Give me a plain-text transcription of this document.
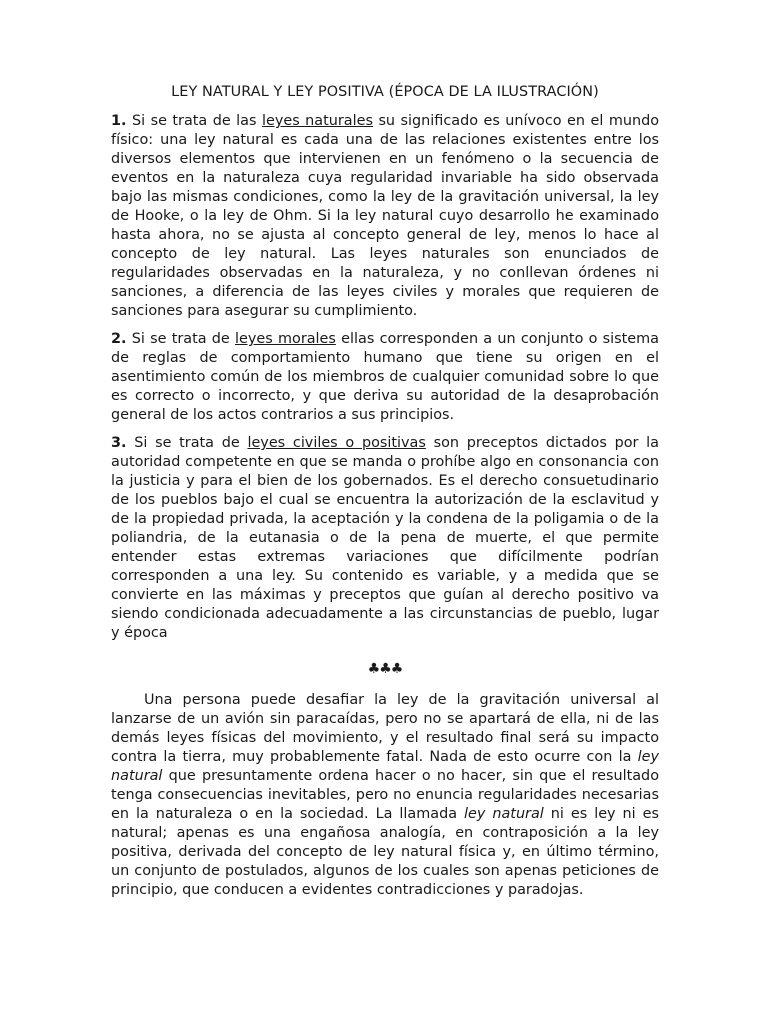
LEY NATURAL Y LEY POSITIVA (ÉPOCA DE LA ILUSTRACIÓN)

1. Si se trata de las leyes naturales su significado es unívoco en el mundo físico: una ley natural es cada una de las relaciones existentes entre los diversos elementos que intervienen en un fenómeno o la secuencia de eventos en la naturaleza cuya regularidad invariable ha sido observada bajo las mismas condiciones, como la ley de la gravitación universal, la ley de Hooke, o la ley de Ohm. Si la ley natural cuyo desarrollo he examinado hasta ahora, no se ajusta al concepto general de ley, menos lo hace al concepto de ley natural. Las leyes naturales son enunciados de regularidades observadas en la naturaleza, y no conllevan órdenes ni sanciones, a diferencia de las leyes civiles y morales que requieren de sanciones para asegurar su cumplimiento.

2. Si se trata de leyes morales ellas corresponden a un conjunto o sistema de reglas de comportamiento humano que tiene su origen en el asentimiento común de los miembros de cualquier comunidad sobre lo que es correcto o incorrecto, y que deriva su autoridad de la desaprobación general de los actos contrarios a sus principios.

3. Si se trata de leyes civiles o positivas son preceptos dictados por la autoridad competente en que se manda o prohíbe algo en consonancia con la justicia y para el bien de los gobernados. Es el derecho consuetudinario de los pueblos bajo el cual se encuentra la autorización de la esclavitud y de la propiedad privada, la aceptación y la condena de la poligamia o de la poliandria, de la eutanasia o de la pena de muerte, el que permite entender estas extremas variaciones que difícilmente podrían corresponden a una ley. Su contenido es variable, y a medida que se convierte en las máximas y preceptos que guían al derecho positivo va siendo condicionada adecuadamente a las circunstancias de pueblo, lugar y época

♣♣♣

Una persona puede desafiar la ley de la gravitación universal al lanzarse de un avión sin paracaídas, pero no se apartará de ella, ni de las demás leyes físicas del movimiento, y el resultado final será su impacto contra la tierra, muy probablemente fatal. Nada de esto ocurre con la ley natural que presuntamente ordena hacer o no hacer, sin que el resultado tenga consecuencias inevitables, pero no enuncia regularidades necesarias en la naturaleza o en la sociedad. La llamada ley natural ni es ley ni es natural; apenas es una engañosa analogía, en contraposición a la ley positiva, derivada del concepto de ley natural física y, en último término, un conjunto de postulados, algunos de los cuales son apenas peticiones de principio, que conducen a evidentes contradicciones y paradojas.
